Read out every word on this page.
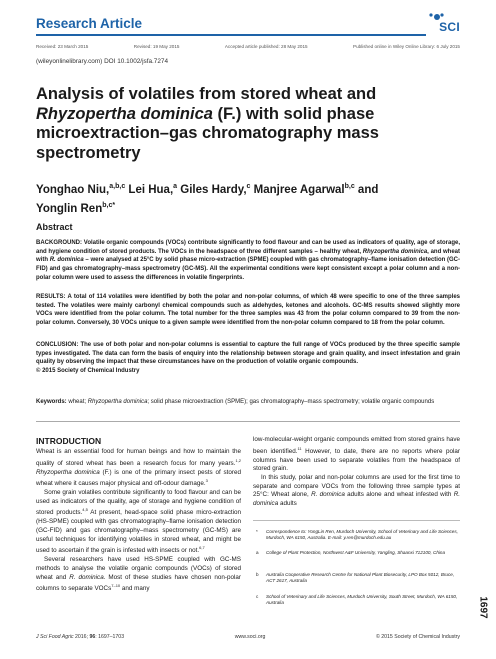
Research Article	SCI
Received: 23 March 2015	Revised: 19 May 2015	Accepted article published: 28 May 2015	Published online in Wiley Online Library: 6 July 2015
(wileyonlinelibrary.com) DOI 10.1002/jsfa.7274
Analysis of volatiles from stored wheat and Rhyzopertha dominica (F.) with solid phase microextraction–gas chromatography mass spectrometry
Yonghao Niu,$^{a,b,c}$ Lei Hua,$^a$ Giles Hardy,$^c$ Manjree Agarwal$^{b,c}$ and
Yonglin Ren$^{b,c*}$
Abstract

BACKGROUND: Volatile organic compounds (VOCs) contribute significantly to food flavour and can be used as indicators of quality, age of storage, and hygiene condition of stored products. The VOCs in the headspace of three different samples – healthy wheat, Rhyzopertha dominica, and wheat with R. dominica – were analysed at 25°C by solid phase micro-extraction (SPME) coupled with gas chromatography–flame ionisation detection (GC-FID) and gas chromatography–mass spectrometry (GC-MS). All the experimental conditions were kept consistent except a polar column and a non-polar column were used to assess the differences in volatile fingerprints.

RESULTS: A total of 114 volatiles were identified by both the polar and non-polar columns, of which 48 were specific to one of the three samples tested. The volatiles were mainly carbonyl chemical compounds such as aldehydes, ketones and alcohols. GC-MS results showed slightly more VOCs were identified from the polar column. The total number for the three samples was 43 from the polar column compared to 39 from the non-polar column. Conversely, 30 VOCs unique to a given sample were identified from the non-polar column compared to 18 from the polar column.

CONCLUSION: The use of both polar and non-polar columns is essential to capture the full range of VOCs produced by the three specific sample types investigated. The data can form the basis of enquiry into the relationship between storage and grain quality, and insect infestation and grain quality by observing the impact that these circumstances have on the production of volatile organic compounds.
© 2015 Society of Chemical Industry

Keywords: wheat; Rhyzopertha dominica; solid phase microextraction (SPME); gas chromatography–mass spectrometry; volatile organic compounds

INTRODUCTION

Wheat is an essential food for human beings and how to maintain the quality of stored wheat has been a research focus for many years.$^{1,2}$ Rhyzopertha dominica (F.) is one of the primary insect pests of stored wheat where it causes major physical and off-odour damage.$^3$

Some grain volatiles contribute significantly to food flavour and can be used as indicators of the quality, age of storage and hygiene condition of stored products.$^{4,5}$ At present, head-space solid phase micro-extraction (HS-SPME) coupled with gas chromatography–flame ionisation detection (GC-FID) and gas chromatography–mass spectrometry (GC-MS) are useful techniques for identifying volatiles in stored wheat, and might be used to ascertain if the grain is infested with insects or not.$^{6,7}$

Several researchers have used HS-SPME coupled with GC-MS methods to analyse the volatile organic compounds (VOCs) of stored wheat and R. dominica. Most of these studies have chosen non-polar columns to separate VOCs$^{7-10}$ and many

low-molecular-weight organic compounds emitted from stored grains have been identified.$^{11}$ However, to date, there are no reports where polar columns have been used to separate volatiles from the headspace of stored grain.

In this study, polar and non-polar columns are used for the first time to separate and compare VOCs from the following three sample types at 25°C: Wheat alone, R. dominica adults alone and wheat infested with R. dominica adults

*	Correspondence to: YongLin Ren, Murdoch University, School of Veterinary and Life Sciences, Murdoch, WA 6150, Australia. E-mail: y.ren@murdoch.edu.au
a	College of Plant Protection, Northwest A&F University, Yangling, Shaanxi 712100, China
b	Australia Cooperative Research Centre for National Plant Biosecurity, LPO Box 5012, Bruce, ACT 2617, Australia
c	School of Veterinary and Life Sciences, Murdoch University, South Street, Murdoch, WA 6150, Australia	1697
J Sci Food Agric 2016; 96: 1697–1703	www.soci.org	© 2015 Society of Chemical Industry
